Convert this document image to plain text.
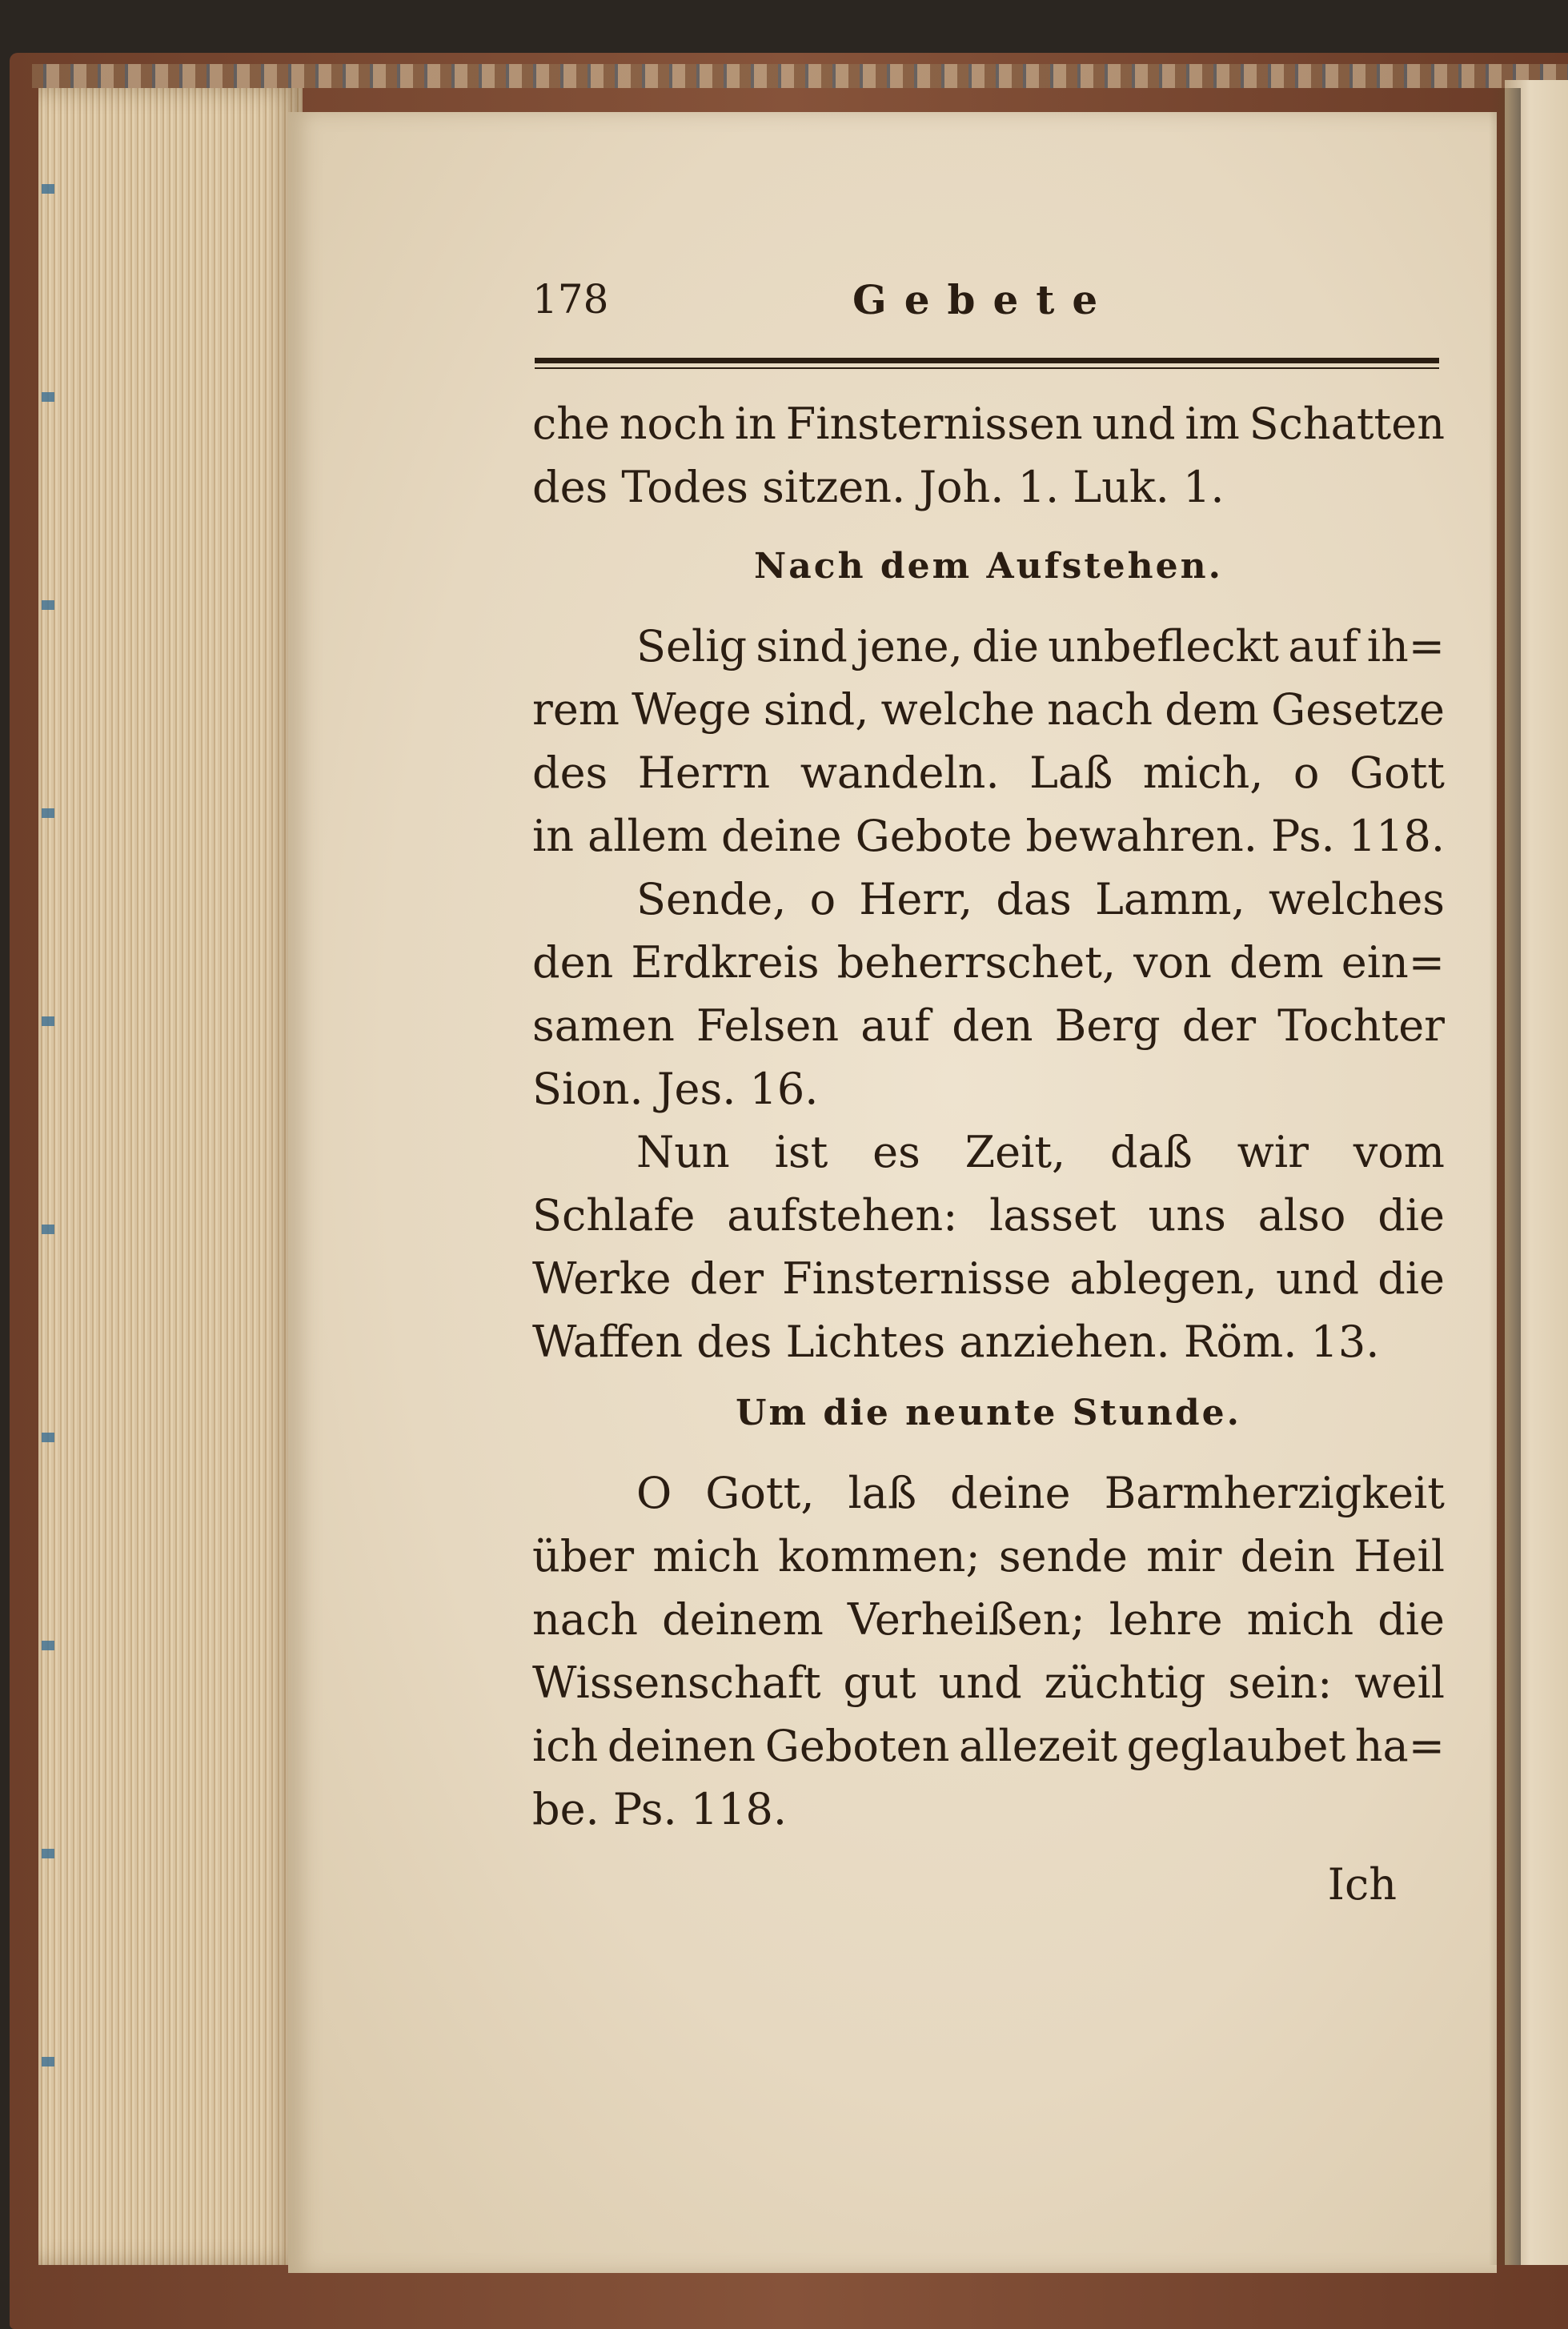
178	Gebete
che noch in Finsternissen und im Schatten
des Todes sitzen. Joh. 1. Luk. 1.
Nach dem Aufstehen.
Selig sind jene, die unbefleckt auf ih=
rem Wege sind, welche nach dem Gesetze
des Herrn wandeln. Laß mich, o Gott
in allem deine Gebote bewahren. Ps. 118.
Sende, o Herr, das Lamm, welches
den Erdkreis beherrschet, von dem ein=
samen Felsen auf den Berg der Tochter
Sion. Jes. 16.
Nun ist es Zeit, daß wir vom
Schlafe aufstehen: lasset uns also die
Werke der Finsternisse ablegen, und die
Waffen des Lichtes anziehen. Röm. 13.
Um die neunte Stunde.
O Gott, laß deine Barmherzigkeit
über mich kommen; sende mir dein Heil
nach deinem Verheißen; lehre mich die
Wissenschaft gut und züchtig sein: weil
ich deinen Geboten allezeit geglaubet ha=
be. Ps. 118.
Ich
